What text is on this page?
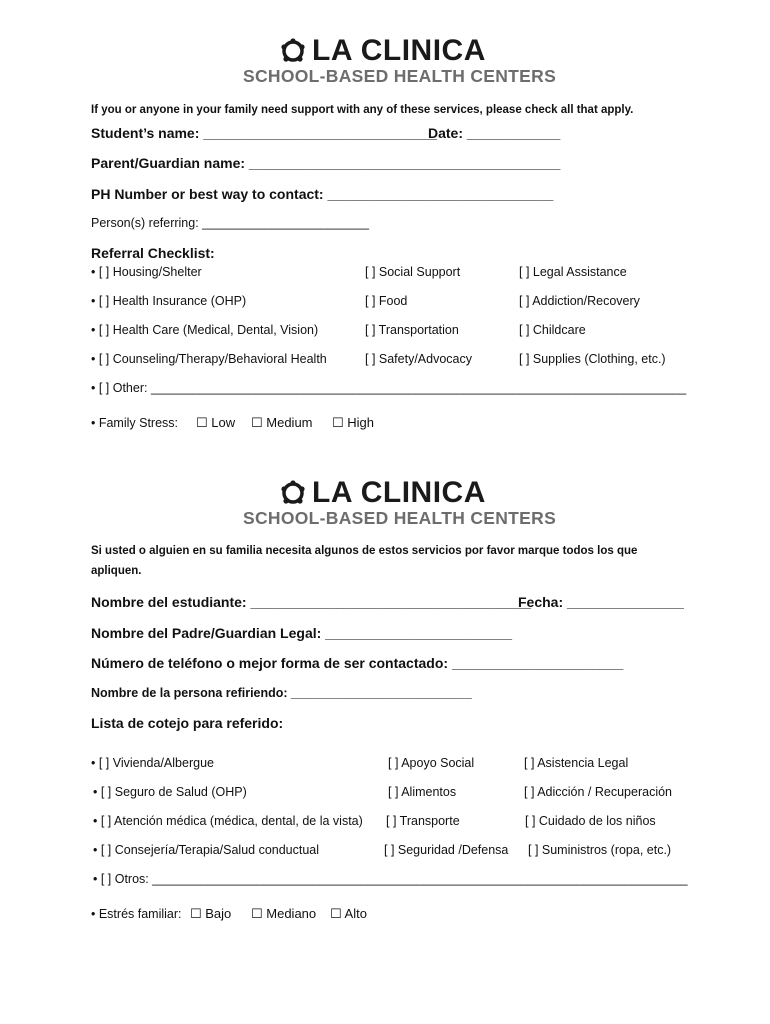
LA CLINICA
SCHOOL-BASED HEALTH CENTERS
If you or anyone in your family need support with any of these services, please check all that apply.
Student’s name: ______________________________
Date: ____________
Parent/Guardian name: ________________________________________
PH Number or best way to contact: _____________________________
Person(s) referring: ________________________
Referral Checklist:
• [ ] Housing/Shelter	[ ] Social Support	[ ] Legal Assistance
• [ ] Health Insurance (OHP)	[ ] Food	[ ] Addiction/Recovery
• [ ] Health Care (Medical, Dental, Vision)	[ ] Transportation	[ ] Childcare
• [ ] Counseling/Therapy/Behavioral Health	[ ] Safety/Advocacy	[ ] Supplies (Clothing, etc.)
• [ ] Other: _____________________________________________________________________________
• Family Stress: ☐ Low ☐ Medium ☐ High
LA CLINICA
SCHOOL-BASED HEALTH CENTERS
Si usted o alguien en su familia necesita algunos de estos servicios por favor marque todos los que
apliquen.
Nombre del estudiante: ____________________________________
Fecha: _______________
Nombre del Padre/Guardian Legal: ________________________
Número de teléfono o mejor forma de ser contactado: ______________________
Nombre de la persona refiriendo: __________________________
Lista de cotejo para referido:
• [ ] Vivienda/Albergue	[ ] Apoyo Social	[ ] Asistencia Legal
• [ ] Seguro de Salud (OHP)	[ ] Alimentos	[ ] Adicción / Recuperación
• [ ] Atención médica (médica, dental, de la vista) [ ] Transporte	[ ] Cuidado de los niños
• [ ] Consejería/Terapia/Salud conductual	[ ] Seguridad /Defensa [ ] Suministros (ropa, etc.)
• [ ] Otros: _____________________________________________________________________________
• Estrés familiar: ☐ Bajo ☐ Mediano ☐ Alto
